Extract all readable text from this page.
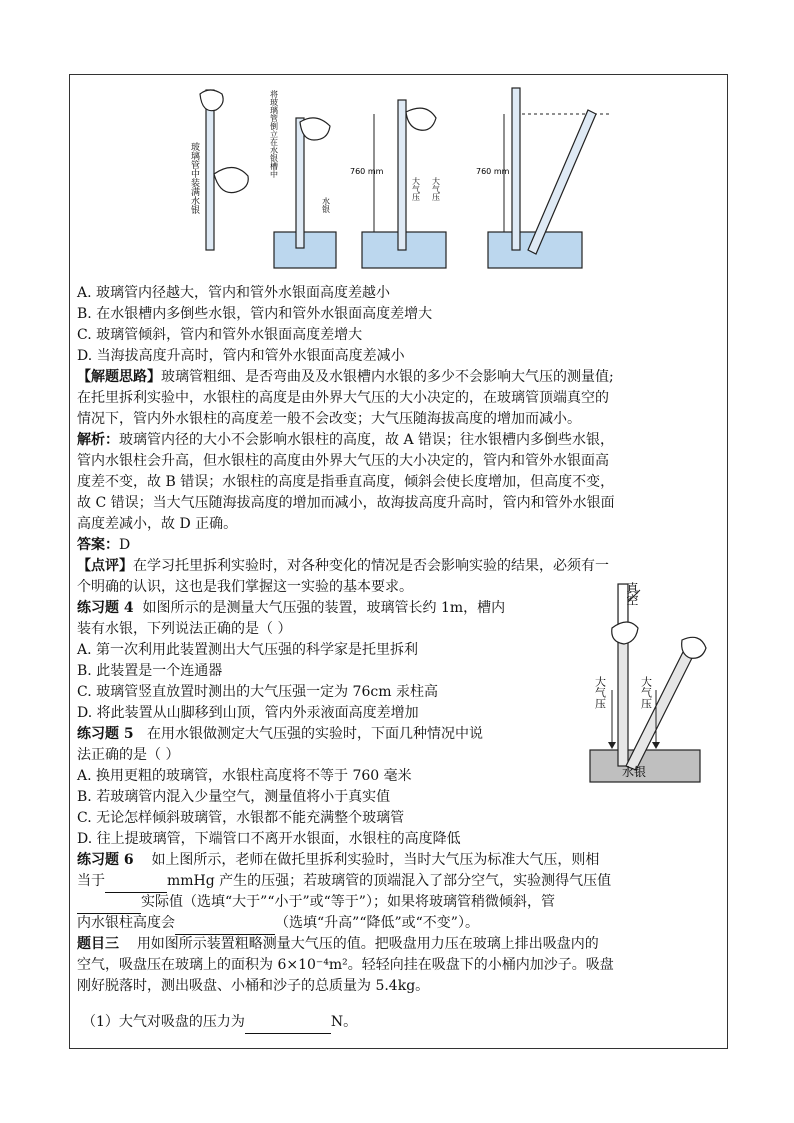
玻璃管中装满水银	将玻璃管倒立在水银槽中
水银
760 mm
大气压 大气压
760 mm
A. 玻璃管内径越大，管内和管外水银面高度差越小
B. 在水银槽内多倒些水银，管内和管外水银面高度差增大
C. 玻璃管倾斜，管内和管外水银面高度差增大
D. 当海拔高度升高时，管内和管外水银面高度差减小
【解题思路】玻璃管粗细、是否弯曲及及水银槽内水银的多少不会影响大气压的测量值;
在托里拆利实验中，水银柱的高度是由外界大气压的大小决定的，在玻璃管顶端真空的
情况下，管内外水银柱的高度差一般不会改变；大气压随海拔高度的增加而减小。
解析：玻璃管内径的大小不会影响水银柱的高度，故 A 错误；往水银槽内多倒些水银，
管内水银柱会升高，但水银柱的高度由外界大气压的大小决定的，管内和管外水银面高
度差不变，故 B 错误；水银柱的高度是指垂直高度，倾斜会使长度增加，但高度不变，
故 C 错误；当大气压随海拔高度的增加而减小，故海拔高度升高时，管内和管外水银面
高度差减小，故 D 正确。
答案：D
【点评】在学习托里拆利实验时，对各种变化的情况是否会影响实验的结果，必须有一
个明确的认识，这也是我们掌握这一实验的基本要求。
练习题 4 如图所示的是测量大气压强的装置，玻璃管长约 1m，槽内
装有水银，下列说法正确的是（ ）
A. 第一次利用此装置测出大气压强的科学家是托里拆利
B. 此装置是一个连通器
C. 玻璃管竖直放置时测出的大气压强一定为 76cm 汞柱高
D. 将此装置从山脚移到山顶，管内外汞液面高度差增加
真空
大气压	大气压
水银
练习题 5 在用水银做测定大气压强的实验时，下面几种情况中说
法正确的是（ ）
A. 换用更粗的玻璃管，水银柱高度将不等于 760 毫米
B. 若玻璃管内混入少量空气，测量值将小于真实值
C. 无论怎样倾斜玻璃管，水银都不能充满整个玻璃管
D. 往上提玻璃管，下端管口不离开水银面，水银柱的高度降低
练习题 6 如上图所示，老师在做托里拆利实验时，当时大气压为标准大气压，则相
当于	mmHg 产生的压强；若玻璃管的顶端混入了部分空气，实验测得气压值
实际值（选填“大于”“小于”或“等于”）；如果将玻璃管稍微倾斜，管
内水银柱高度会	（选填“升高”“降低”或“不变”）。
题目三 用如图所示装置粗略测量大气压的值。把吸盘用力压在玻璃上排出吸盘内的
空气，吸盘压在玻璃上的面积为 6×10⁻⁴m²。轻轻向挂在吸盘下的小桶内加沙子。吸盘
刚好脱落时，测出吸盘、小桶和沙子的总质量为 5.4kg。
（1）大气对吸盘的压力为	N。
